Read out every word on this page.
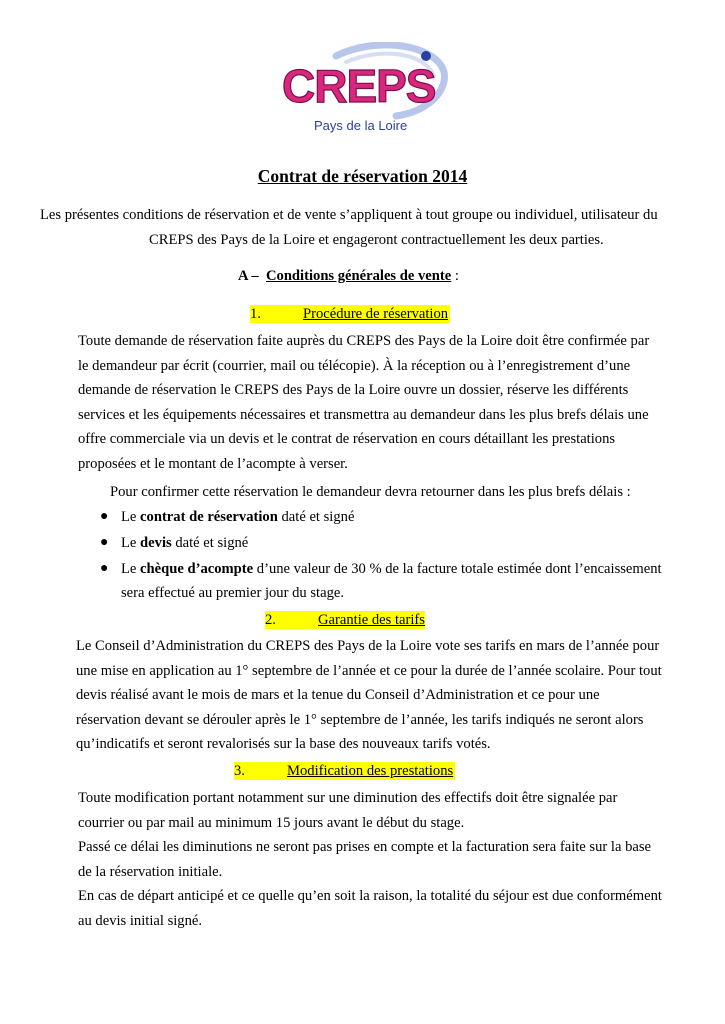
CREPS
Pays de la Loire
Contrat de réservation 2014
Les présentes conditions de réservation et de vente s’appliquent à tout groupe ou individuel, utilisateur du
CREPS des Pays de la Loire et engageront contractuellement les deux parties.
A – Conditions générales de vente :
1.	Procédure de réservation
Toute demande de réservation faite auprès du CREPS des Pays de la Loire doit être confirmée par
le demandeur par écrit (courrier, mail ou télécopie). À la réception ou à l’enregistrement d’une
demande de réservation le CREPS des Pays de la Loire ouvre un dossier, réserve les différents
services et les équipements nécessaires et transmettra au demandeur dans les plus brefs délais une
offre commerciale via un devis et le contrat de réservation en cours détaillant les prestations
proposées et le montant de l’acompte à verser.
Pour confirmer cette réservation le demandeur devra retourner dans les plus brefs délais :
● Le contrat de réservation daté et signé
● Le devis daté et signé
● Le chèque d’acompte d’une valeur de 30 % de la facture totale estimée dont l’encaissement
sera effectué au premier jour du stage.
2.	Garantie des tarifs
Le Conseil d’Administration du CREPS des Pays de la Loire vote ses tarifs en mars de l’année pour
une mise en application au 1° septembre de l’année et ce pour la durée de l’année scolaire. Pour tout
devis réalisé avant le mois de mars et la tenue du Conseil d’Administration et ce pour une
réservation devant se dérouler après le 1° septembre de l’année, les tarifs indiqués ne seront alors
qu’indicatifs et seront revalorisés sur la base des nouveaux tarifs votés.
3.	Modification des prestations
Toute modification portant notamment sur une diminution des effectifs doit être signalée par
courrier ou par mail au minimum 15 jours avant le début du stage.
Passé ce délai les diminutions ne seront pas prises en compte et la facturation sera faite sur la base
de la réservation initiale.
En cas de départ anticipé et ce quelle qu’en soit la raison, la totalité du séjour est due conformément
au devis initial signé.
